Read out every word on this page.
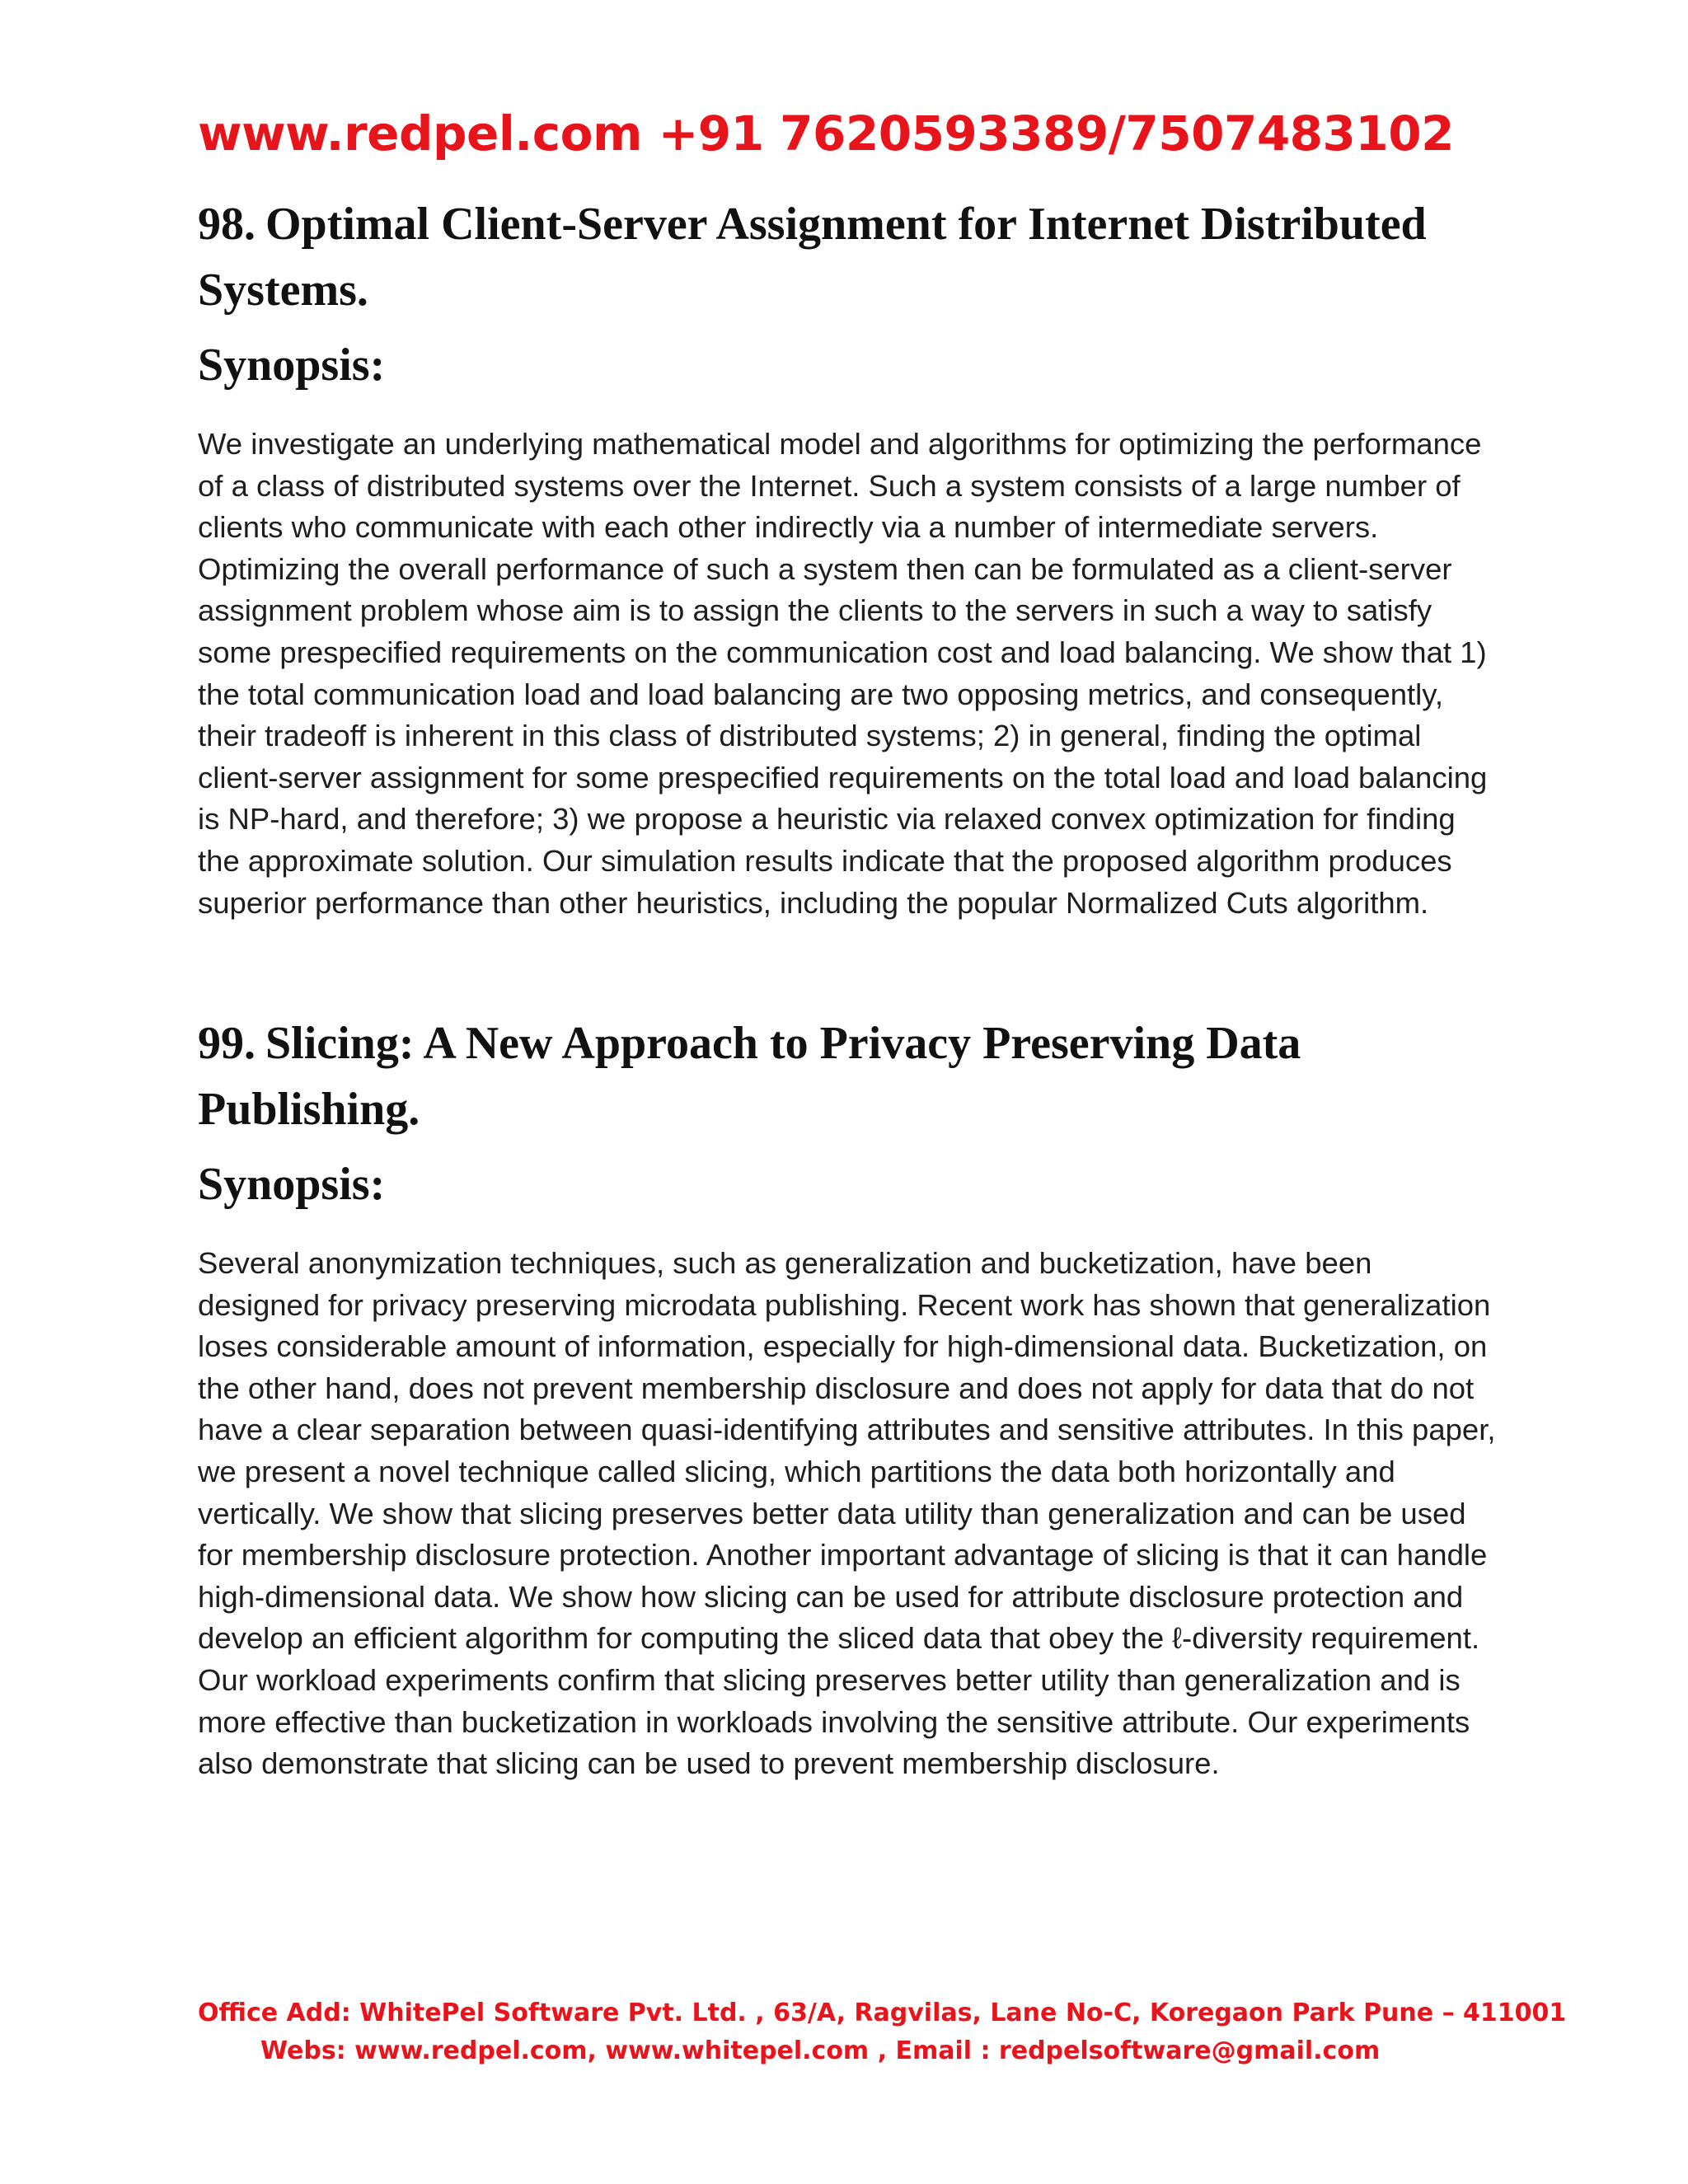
www.redpel.com +91 7620593389/7507483102
98. Optimal Client-Server Assignment for Internet Distributed Systems.
Synopsis:

We investigate an underlying mathematical model and algorithms for optimizing the performance of a class of distributed systems over the Internet. Such a system consists of a large number of clients who communicate with each other indirectly via a number of intermediate servers. Optimizing the overall performance of such a system then can be formulated as a client-server assignment problem whose aim is to assign the clients to the servers in such a way to satisfy some prespecified requirements on the communication cost and load balancing. We show that 1) the total communication load and load balancing are two opposing metrics, and consequently, their tradeoff is inherent in this class of distributed systems; 2) in general, finding the optimal client-server assignment for some prespecified requirements on the total load and load balancing is NP-hard, and therefore; 3) we propose a heuristic via relaxed convex optimization for finding the approximate solution. Our simulation results indicate that the proposed algorithm produces superior performance than other heuristics, including the popular Normalized Cuts algorithm.

99. Slicing: A New Approach to Privacy Preserving Data Publishing.
Synopsis:

Several anonymization techniques, such as generalization and bucketization, have been designed for privacy preserving microdata publishing. Recent work has shown that generalization loses considerable amount of information, especially for high-dimensional data. Bucketization, on the other hand, does not prevent membership disclosure and does not apply for data that do not have a clear separation between quasi-identifying attributes and sensitive attributes. In this paper, we present a novel technique called slicing, which partitions the data both horizontally and vertically. We show that slicing preserves better data utility than generalization and can be used for membership disclosure protection. Another important advantage of slicing is that it can handle high-dimensional data. We show how slicing can be used for attribute disclosure protection and develop an efficient algorithm for computing the sliced data that obey the ℓ-diversity requirement. Our workload experiments confirm that slicing preserves better utility than generalization and is more effective than bucketization in workloads involving the sensitive attribute. Our experiments also demonstrate that slicing can be used to prevent membership disclosure.

Office Add: WhitePel Software Pvt. Ltd. , 63/A, Ragvilas, Lane No-C, Koregaon Park Pune – 411001
Webs: www.redpel.com, www.whitepel.com , Email : redpelsoftware@gmail.com
